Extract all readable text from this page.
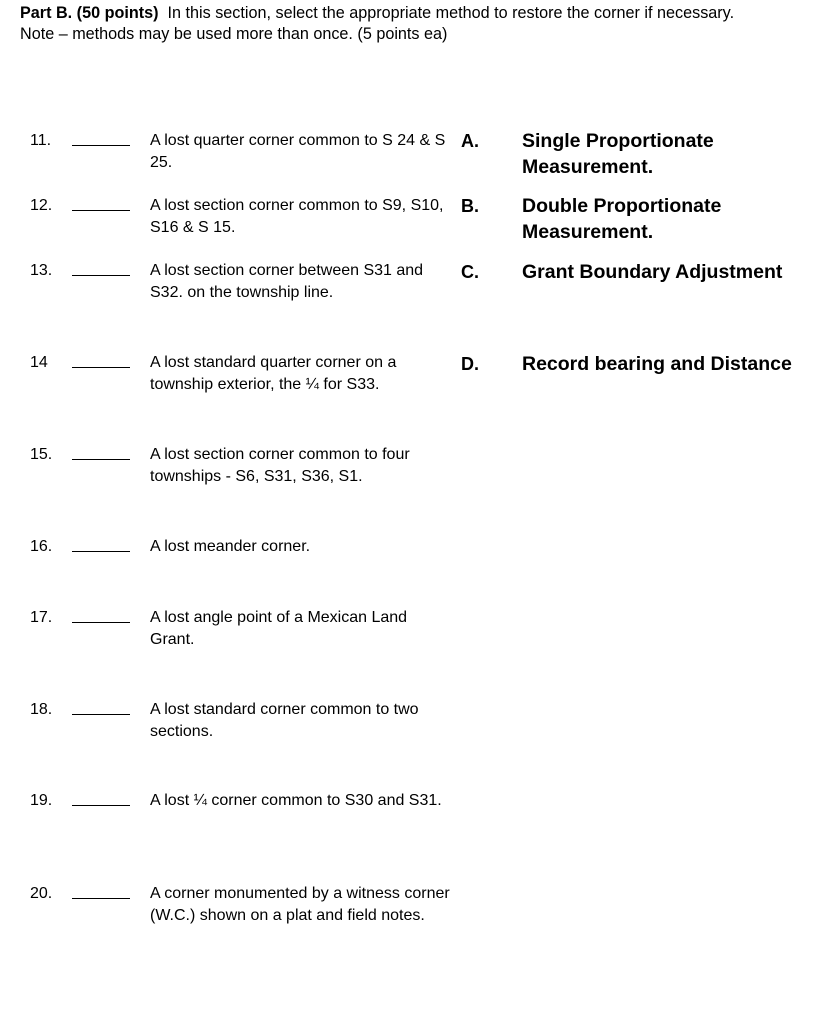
Part B. (50 points)  In this section, select the appropriate method to restore the corner if necessary.
Note – methods may be used more than once. (5 points ea)
11.	A lost quarter corner common to S 24 & S 25.
12.	A lost section corner common to S9, S10, S16 & S 15.
13.	A lost section corner between S31 and S32. on the township line.
14	A lost standard quarter corner on a township exterior, the ¼ for S33.
15.	A lost section corner common to four townships - S6, S31, S36, S1.
16.	A lost meander corner.
17.	A lost angle point of a Mexican Land Grant.
18.	A lost standard corner common to two sections.
19.	A lost ¼ corner common to S30 and S31.
20.	A corner monumented by a witness corner (W.C.) shown on a plat and field notes.
A. Single Proportionate Measurement.
B. Double Proportionate Measurement.
C. Grant Boundary Adjustment
D. Record bearing and Distance
